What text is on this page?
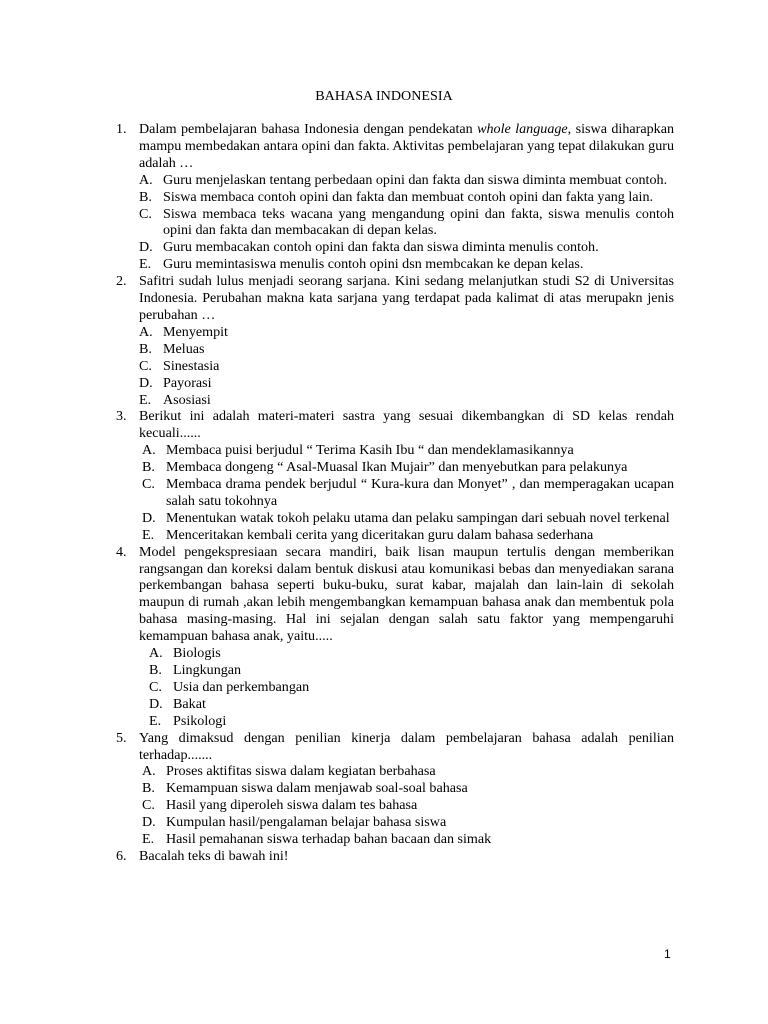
BAHASA INDONESIA
1. Dalam pembelajaran bahasa Indonesia dengan pendekatan whole language, siswa diharapkan mampu membedakan antara opini dan fakta. Aktivitas pembelajaran yang tepat dilakukan guru adalah …
A. Guru menjelaskan tentang perbedaan opini dan fakta dan siswa diminta membuat contoh.
B. Siswa membaca contoh opini dan fakta dan membuat contoh opini dan fakta yang lain.
C. Siswa membaca teks wacana yang mengandung opini dan fakta, siswa menulis contoh opini dan fakta dan membacakan di depan kelas.
D. Guru membacakan contoh opini dan fakta dan siswa diminta menulis contoh.
E. Guru memintasiswa menulis contoh opini dsn membcakan ke depan kelas.
2. Safitri sudah lulus menjadi seorang sarjana. Kini sedang melanjutkan studi S2 di Universitas Indonesia. Perubahan makna kata sarjana yang terdapat pada kalimat di atas merupakn jenis perubahan …
A. Menyempit
B. Meluas
C. Sinestasia
D. Payorasi
E. Asosiasi
3. Berikut ini adalah materi-materi sastra yang sesuai dikembangkan di SD kelas rendah kecuali......
A. Membaca puisi berjudul “ Terima Kasih Ibu “ dan mendeklamasikannya
B. Membaca dongeng “ Asal-Muasal Ikan Mujair” dan menyebutkan para pelakunya
C. Membaca drama pendek berjudul “ Kura-kura dan Monyet” , dan memperagakan ucapan salah satu tokohnya
D. Menentukan watak tokoh pelaku utama dan pelaku sampingan dari sebuah novel terkenal
E. Menceritakan kembali cerita yang diceritakan guru dalam bahasa sederhana
4. Model pengekspresiaan secara mandiri, baik lisan maupun tertulis dengan memberikan rangsangan dan koreksi dalam bentuk diskusi atau komunikasi bebas dan menyediakan sarana perkembangan bahasa seperti buku-buku, surat kabar, majalah dan lain-lain di sekolah maupun di rumah ,akan lebih mengembangkan kemampuan bahasa anak dan membentuk pola bahasa masing-masing. Hal ini sejalan dengan salah satu faktor yang mempengaruhi kemampuan bahasa anak, yaitu.....
A. Biologis
B. Lingkungan
C. Usia dan perkembangan
D. Bakat
E. Psikologi
5. Yang dimaksud dengan penilian kinerja dalam pembelajaran bahasa adalah penilian terhadap.......
A. Proses aktifitas siswa dalam kegiatan berbahasa
B. Kemampuan siswa dalam menjawab soal-soal bahasa
C. Hasil yang diperoleh siswa dalam tes bahasa
D. Kumpulan hasil/pengalaman belajar bahasa siswa
E. Hasil pemahanan siswa terhadap bahan bacaan dan simak
6. Bacalah teks di bawah ini!
1
